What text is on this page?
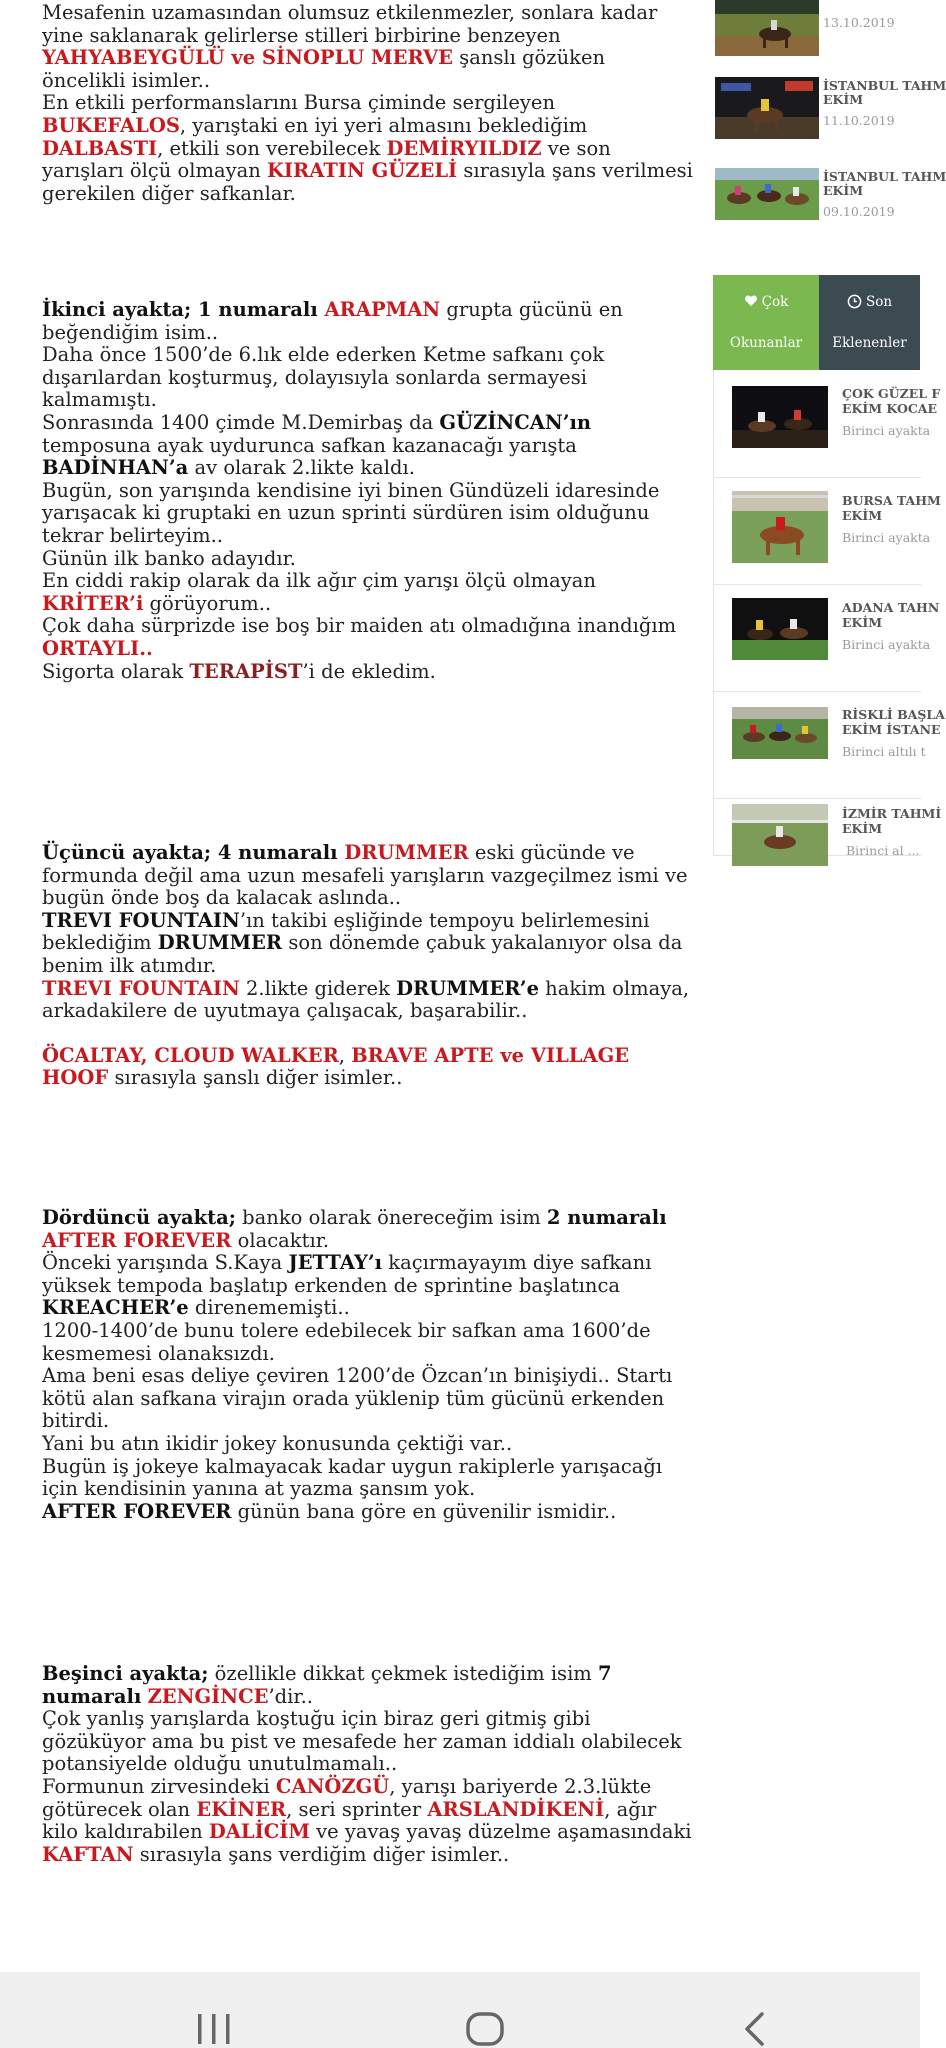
Mesafenin uzamasından olumsuz etkilenmezler, sonlara kadar yine saklanarak gelirlerse stilleri birbirine benzeyen YAHYABEYGÜLÜ ve SİNOPLU MERVE şanslı gözüken öncelikli isimler..

En etkili performanslarını Bursa çiminde sergileyen BUKEFALOS, yarıştaki en iyi yeri almasını beklediğim DALBASTI, etkili son verebilecek DEMİRYILDIZ ve son yarışları ölçü olmayan KIRATIN GÜZELİ sırasıyla şans verilmesi gerekilen diğer safkanlar.

İkinci ayakta; 1 numaralı ARAPMAN grupta gücünü en beğendiğim isim..

Daha önce 1500’de 6.lık elde ederken Ketme safkanı çok dışarılardan koşturmuş, dolayısıyla sonlarda sermayesi kalmamıştı.

Sonrasında 1400 çimde M.Demirbaş da GÜZİNCAN’ın temposuna ayak uydurunca safkan kazanacağı yarışta BADİNHAN’a av olarak 2.likte kaldı.

Bugün, son yarışında kendisine iyi binen Gündüzeli idaresinde yarışacak ki gruptaki en uzun sprinti sürdüren isim olduğunu tekrar belirteyim..

Günün ilk banko adayıdır.

En ciddi rakip olarak da ilk ağır çim yarışı ölçü olmayan KRİTER’i görüyorum..

Çok daha sürprizde ise boş bir maiden atı olmadığına inandığım
ORTAYLI..

Sigorta olarak TERAPİST’i de ekledim.

Üçüncü ayakta; 4 numaralı DRUMMER eski gücünde ve formunda değil ama uzun mesafeli yarışların vazgeçilmez ismi ve bugün önde boş da kalacak aslında..

TREVI FOUNTAIN’ın takibi eşliğinde tempoyu belirlemesini beklediğim DRUMMER son dönemde çabuk yakalanıyor olsa da benim ilk atımdır.

TREVI FOUNTAIN 2.likte giderek DRUMMER’e hakim olmaya, arkadakilere de uyutmaya çalışacak, başarabilir..

ÖCALTAY, CLOUD WALKER, BRAVE APTE ve VILLAGE HOOF sırasıyla şanslı diğer isimler..

Dördüncü ayakta; banko olarak önereceğim isim 2 numaralı AFTER FOREVER olacaktır.

Önceki yarışında S.Kaya JETTAY’ı kaçırmayayım diye safkanı yüksek tempoda başlatıp erkenden de sprintine başlatınca KREACHER’e direnememişti..

1200-1400’de bunu tolere edebilecek bir safkan ama 1600’de kesmemesi olanaksızdı.

Ama beni esas deliye çeviren 1200’de Özcan’ın binişiydi.. Startı kötü alan safkana virajın orada yüklenip tüm gücünü erkenden bitirdi.

Yani bu atın ikidir jokey konusunda çektiği var..

Bugün iş jokeye kalmayacak kadar uygun rakiplerle yarışacağı için kendisinin yanına at yazma şansım yok.

AFTER FOREVER günün bana göre en güvenilir ismidir..

Beşinci ayakta; özellikle dikkat çekmek istediğim isim 7 numaralı ZENGİNCE’dir..

Çok yanlış yarışlarda koştuğu için biraz geri gitmiş gibi gözüküyor ama bu pist ve mesafede her zaman iddialı olabilecek potansiyelde olduğu unutulmamalı..

Formunun zirvesindeki CANÖZGÜ, yarışı bariyerde 2.3.lükte götürecek olan EKİNER, seri sprinter ARSLANDİKENİ, ağır kilo kaldırabilen DALİCİM ve yavaş yavaş düzelme aşamasındaki KAFTAN sırasıyla şans verdiğim diğer isimler..

13.10.2019
İSTANBUL TAHM
EKİM
11.10.2019
İSTANBUL TAHM
EKİM
09.10.2019
Çok
Okunanlar
Son
Eklenenler
ÇOK GÜZEL F
EKİM KOCAE
Birinci ayakta
BURSA TAHM
EKİM
Birinci ayakta
ADANA TAHN
EKİM
Birinci ayakta
RİSKLİ BAŞLA
EKİM İSTANE
Birinci altılı t
İZMİR TAHMİ
EKİM
Birinci al ...
